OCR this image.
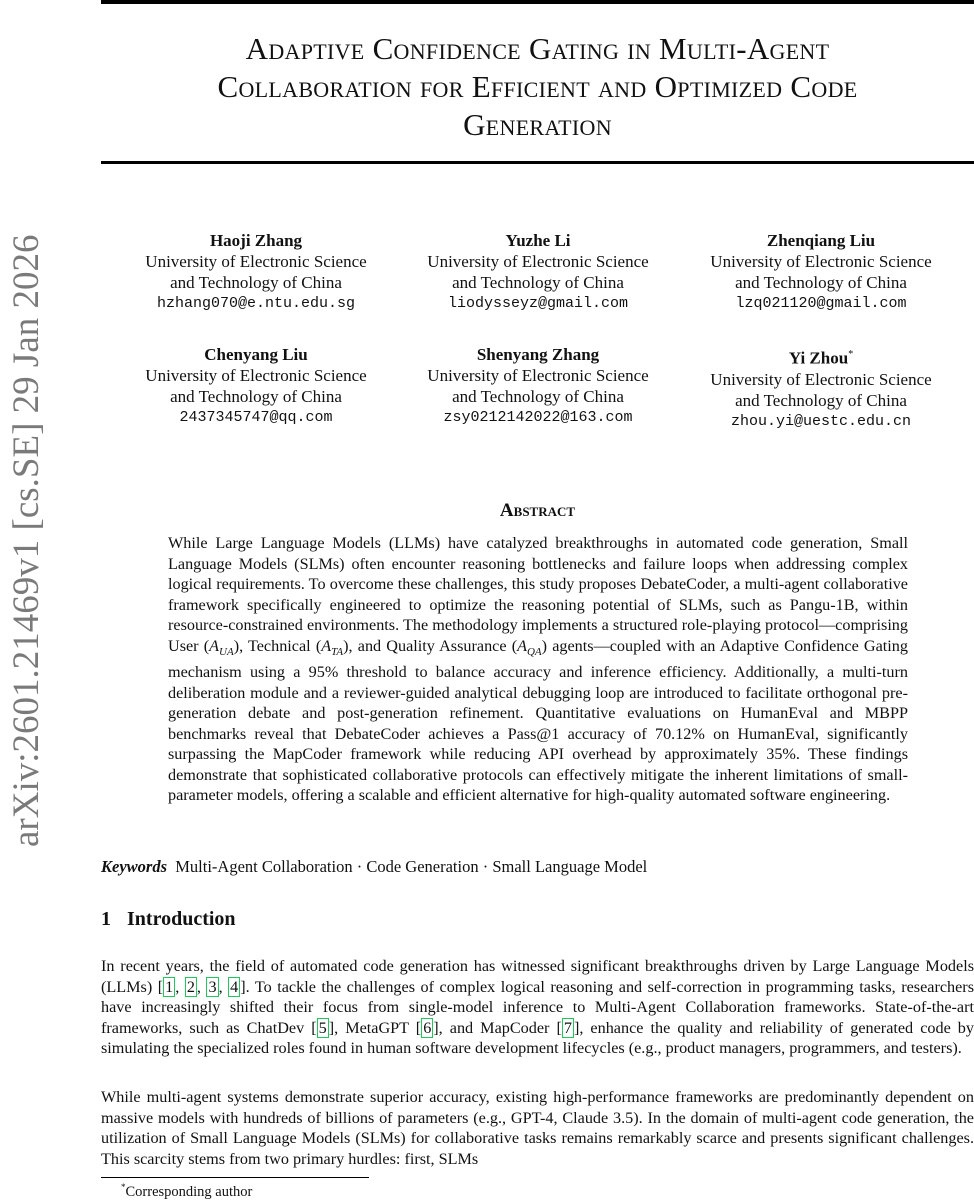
arXiv:2601.21469v1 [cs.SE] 29 Jan 2026
Adaptive Confidence Gating in Multi-Agent
Collaboration for Efficient and Optimized Code
Generation
Haoji Zhang
University of Electronic Science
and Technology of China
hzhang070@e.ntu.edu.sg
Yuzhe Li
University of Electronic Science
and Technology of China
liodysseyz@gmail.com
Zhenqiang Liu
University of Electronic Science
and Technology of China
lzq021120@gmail.com
Chenyang Liu
University of Electronic Science
and Technology of China
2437345747@qq.com
Shenyang Zhang
University of Electronic Science
and Technology of China
zsy0212142022@163.com
Yi Zhou*
University of Electronic Science
and Technology of China
zhou.yi@uestc.edu.cn
Abstract
While Large Language Models (LLMs) have catalyzed breakthroughs in automated code generation, Small Language Models (SLMs) often encounter reasoning bottlenecks and failure loops when addressing complex logical requirements. To overcome these challenges, this study proposes DebateCoder, a multi-agent collaborative framework specifically engineered to optimize the reasoning potential of SLMs, such as Pangu-1B, within resource-constrained environments. The methodology implements a structured role-playing protocol—comprising User $(A_{UA})$, Technical $(A_{TA})$, and Quality Assurance $(A_{QA})$ agents—coupled with an Adaptive Confidence Gating mechanism using a 95% threshold to balance accuracy and inference efficiency. Additionally, a multi-turn deliberation module and a reviewer-guided analytical debugging loop are introduced to facilitate orthogonal pre-generation debate and post-generation refinement. Quantitative evaluations on HumanEval and MBPP benchmarks reveal that DebateCoder achieves a Pass@1 accuracy of 70.12% on HumanEval, significantly surpassing the MapCoder framework while reducing API overhead by approximately 35%. These findings demonstrate that sophisticated collaborative protocols can effectively mitigate the inherent limitations of small-parameter models, offering a scalable and efficient alternative for high-quality automated software engineering.
Keywords Multi-Agent Collaboration · Code Generation · Small Language Model
1 Introduction
In recent years, the field of automated code generation has witnessed significant breakthroughs driven by Large Language Models (LLMs) [ 1 , 2 , 3 , 4 ]. To tackle the challenges of complex logical reasoning and self-correction in programming tasks, researchers have increasingly shifted their focus from single-model inference to Multi-Agent Collaboration frameworks. State-of-the-art frameworks, such as ChatDev [ 5 ], MetaGPT [ 6 ], and MapCoder [ 7 ], enhance the quality and reliability of generated code by simulating the specialized roles found in human software development lifecycles (e.g., product managers, programmers, and testers).
While multi-agent systems demonstrate superior accuracy, existing high-performance frameworks are predominantly dependent on massive models with hundreds of billions of parameters (e.g., GPT-4, Claude 3.5). In the domain of multi-agent code generation, the utilization of Small Language Models (SLMs) for collaborative tasks remains remarkably scarce and presents significant challenges. This scarcity stems from two primary hurdles: first, SLMs
*Corresponding author
